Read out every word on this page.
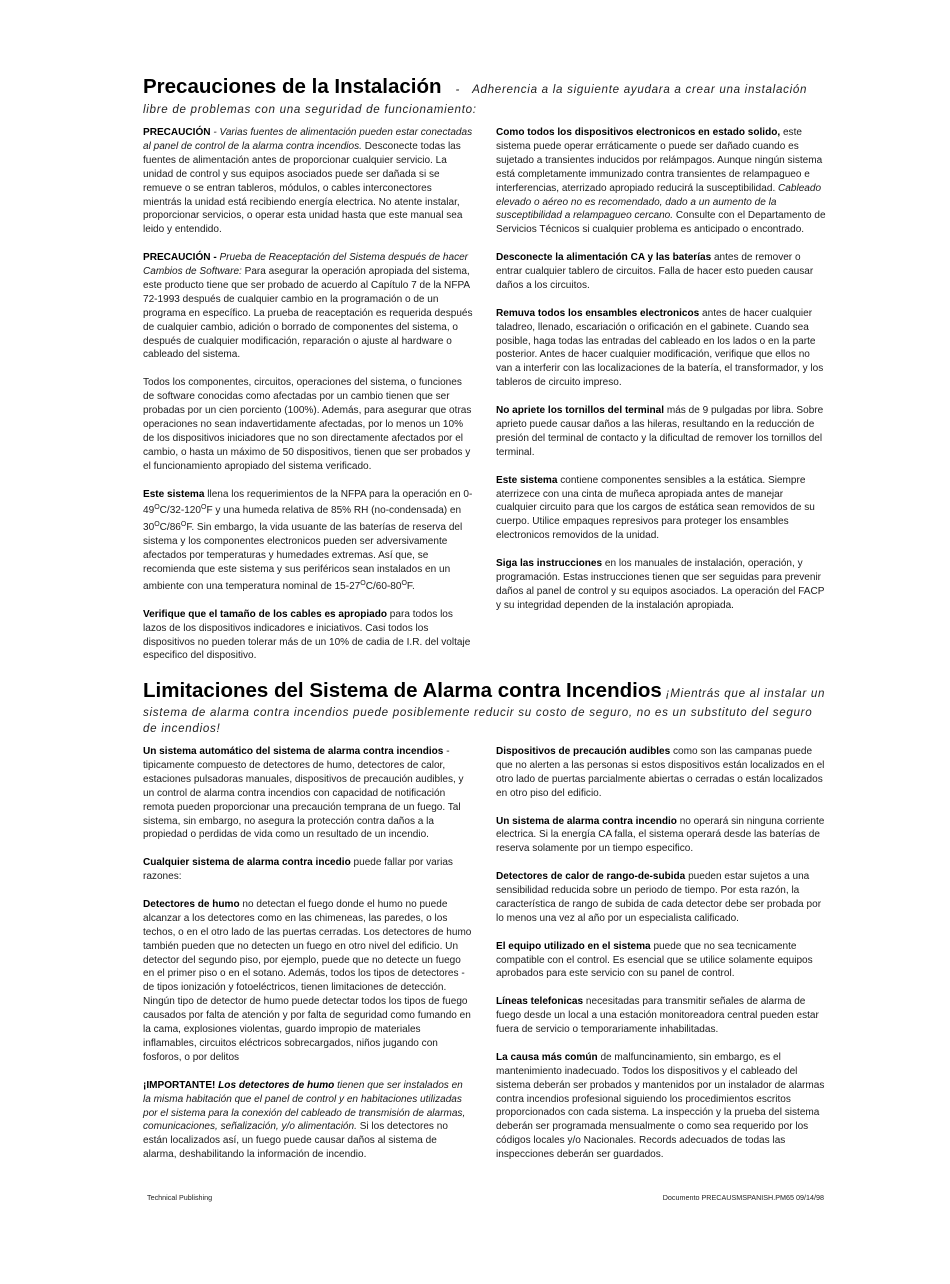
Precauciones de la Instalación - Adherencia a la siguiente ayudara a crear una instalación
libre de problemas con una seguridad de funcionamiento:

PRECAUCIÓN - Varias fuentes de alimentación pueden estar conectadas al panel de control de la alarma contra incendios. Desconecte todas las fuentes de alimentación antes de proporcionar cualquier servicio. La unidad de control y sus equipos asociados puede ser dañada si se remueve o se entran tableros, módulos, o cables interconectores mientrás la unidad está recibiendo energía electrica. No atente instalar, proporcionar servicios, o operar esta unidad hasta que este manual sea leido y entendido.

PRECAUCIÓN - Prueba de Reaceptación del Sistema después de hacer Cambios de Software: Para asegurar la operación apropiada del sistema, este producto tiene que ser probado de acuerdo al Capítulo 7 de la NFPA 72-1993 después de cualquier cambio en la programación o de un programa en específico. La prueba de reaceptación es requerida después de cualquier cambio, adición o borrado de componentes del sistema, o después de cualquier modificación, reparación o ajuste al hardware o cableado del sistema.

Todos los componentes, circuitos, operaciones del sistema, o funciones de software conocidas como afectadas por un cambio tienen que ser probadas por un cien porciento (100%). Además, para asegurar que otras operaciones no sean indavertidamente afectadas, por lo menos un 10% de los dispositivos iniciadores que no son directamente afectados por el cambio, o hasta un máximo de 50 dispositivos, tienen que ser probados y el funcionamiento apropiado del sistema verificado.

Este sistema llena los requerimientos de la NFPA para la operación en $0-49^OC/32-120^OF$ y una humeda relativa de 85% RH (no-condensada) en $30^OC/86^OF$. Sin embargo, la vida usuante de las baterías de reserva del sistema y los componentes electronicos pueden ser adversivamente afectados por temperaturas y humedades extremas. Así que, se recomienda que este sistema y sus periféricos sean instalados en un ambiente con una temperatura nominal de $15-27^OC/60-80^OF$.

Verifique que el tamaño de los cables es apropiado para todos los lazos de los dispositivos indicadores e iniciativos. Casi todos los dispositivos no pueden tolerar más de un 10% de cadia de I.R. del voltaje especifico del dispositivo.

Como todos los dispositivos electronicos en estado solido, este sistema puede operar erráticamente o puede ser dañado cuando es sujetado a transientes inducidos por relámpagos. Aunque ningún sistema está completamente immunizado contra transientes de relampagueo e interferencias, aterrizado apropiado reducirá la susceptibilidad. Cableado elevado o aéreo no es recomendado, dado a un aumento de la susceptibilidad a relampagueo cercano. Consulte con el Departamento de Servicios Técnicos si cualquier problema es anticipado o encontrado.

Desconecte la alimentación CA y las baterías antes de remover o entrar cualquier tablero de circuitos. Falla de hacer esto pueden causar daños a los circuitos.

Remuva todos los ensambles electronicos antes de hacer cualquier taladreo, llenado, escariación o orificación en el gabinete. Cuando sea posible, haga todas las entradas del cableado en los lados o en la parte posterior. Antes de hacer cualquier modificación, verifique que ellos no van a interferir con las localizaciones de la batería, el transformador, y los tableros de circuito impreso.

No apriete los tornillos del terminal más de 9 pulgadas por libra. Sobre aprieto puede causar daños a las hileras, resultando en la reducción de presión del terminal de contacto y la dificultad de remover los tornillos del terminal.

Este sistema contiene componentes sensibles a la estática. Siempre aterrizece con una cinta de muñeca apropiada antes de manejar cualquier circuito para que los cargos de estática sean removidos de su cuerpo. Utilice empaques represivos para proteger los ensambles electronicos removidos de la unidad.

Siga las instrucciones en los manuales de instalación, operación, y programación. Estas instrucciones tienen que ser seguidas para prevenir daños al panel de control y su equipos asociados. La operación del FACP y su integridad dependen de la instalación apropiada.

Limitaciones del Sistema de Alarma contra Incendios ¡Mientrás que al instalar un
sistema de alarma contra incendios puede posiblemente reducir su costo de seguro, no es un substituto del seguro
de incendios!

Un sistema automático del sistema de alarma contra incendios - tipicamente compuesto de detectores de humo, detectores de calor, estaciones pulsadoras manuales, dispositivos de precaución audibles, y un control de alarma contra incendios con capacidad de notificación remota pueden proporcionar una precaución temprana de un fuego. Tal sistema, sin embargo, no asegura la protección contra daños a la propiedad o perdidas de vida como un resultado de un incendio.

Cualquier sistema de alarma contra incedio puede fallar por varias razones:

Detectores de humo no detectan el fuego donde el humo no puede alcanzar a los detectores como en las chimeneas, las paredes, o los techos, o en el otro lado de las puertas cerradas. Los detectores de humo también pueden que no detecten un fuego en otro nivel del edificio. Un detector del segundo piso, por ejemplo, puede que no detecte un fuego en el primer piso o en el sotano. Además, todos los tipos de detectores - de tipos ionización y fotoeléctricos, tienen limitaciones de detección. Ningún tipo de detector de humo puede detectar todos los tipos de fuego causados por falta de atención y por falta de seguridad como fumando en la cama, explosiones violentas, guardo impropio de materiales inflamables, circuitos eléctricos sobrecargados, niños jugando con fosforos, o por delitos

¡IMPORTANTE! Los detectores de humo tienen que ser instalados en la misma habitación que el panel de control y en habitaciones utilizadas por el sistema para la conexión del cableado de transmisión de alarmas, comunicaciones, señalización, y/o alimentación. Si los detectores no están localizados así, un fuego puede causar daños al sistema de alarma, deshabilitando la información de incendio.

Dispositivos de precaución audibles como son las campanas puede que no alerten a las personas si estos dispositivos están localizados en el otro lado de puertas parcialmente abiertas o cerradas o están localizados en otro piso del edificio.

Un sistema de alarma contra incendio no operará sin ninguna corriente electrica. Si la energía CA falla, el sistema operará desde las baterías de reserva solamente por un tiempo especifico.

Detectores de calor de rango-de-subida pueden estar sujetos a una sensibilidad reducida sobre un periodo de tiempo. Por esta razón, la característica de rango de subida de cada detector debe ser probada por lo menos una vez al año por un especialista calificado.

El equipo utilizado en el sistema puede que no sea tecnicamente compatible con el control. Es esencial que se utilice solamente equipos aprobados para este servicio con su panel de control.

Líneas telefonicas necesitadas para transmitir señales de alarma de fuego desde un local a una estación monitoreadora central pueden estar fuera de servicio o temporariamente inhabilitadas.

La causa más común de malfuncinamiento, sin embargo, es el mantenimiento inadecuado. Todos los dispositivos y el cableado del sistema deberán ser probados y mantenidos por un instalador de alarmas contra incendios profesional siguiendo los procedimientos escritos proporcionados con cada sistema. La inspección y la prueba del sistema deberán ser programada mensualmente o como sea requerido por los códigos locales y/o Nacionales. Records adecuados de todas las inspecciones deberán ser guardados.

Technical Publishing	Documento PRECAUSMSPANISH.PM65 09/14/98
